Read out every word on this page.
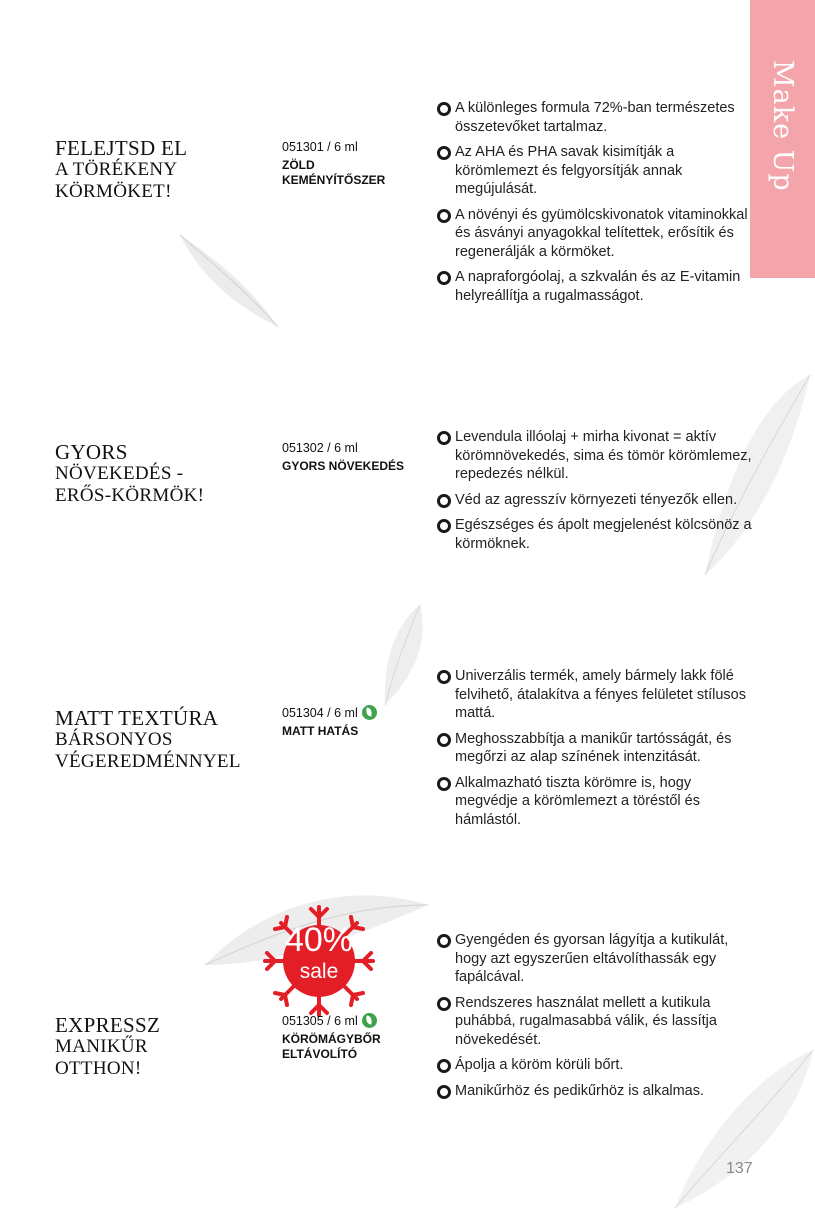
Make Up
FELEJTSD EL
A TÖRÉKENY
KÖRMÖKET!
051301 / 6 ml
ZÖLD
KEMÉNYÍTŐSZER
A különleges formula 72%-ban természetes összetevőket tartalmaz.
Az AHA és PHA savak kisimítják a körömlemezt és felgyorsítják annak megújulását.
A növényi és gyümölcskivonatok vitaminokkal és ásványi anyagokkal telítettek, erősítik és regenerálják a körmöket.
A napraforgóolaj, a szkvalán és az E-vitamin helyreállítja a rugalmasságot.
GYORS
NÖVEKEDÉS -
ERŐS-KÖRMÖK!
051302 / 6 ml
GYORS NÖVEKEDÉS
Levendula illóolaj + mirha kivonat = aktív körömnövekedés, sima és tömör körömlemez, repedezés nélkül.
Véd az agresszív környezeti tényezők ellen.
Egészséges és ápolt megjelenést kölcsönöz a körmöknek.
MATT TEXTÚRA
BÁRSONYOS
VÉGEREDMÉNNYEL
051304 / 6 ml
MATT HATÁS
Univerzális termék, amely bármely lakk fölé felvihető, átalakítva a fényes felületet stílusos mattá.
Meghosszabbítja a manikűr tartósságát, és megőrzi az alap színének intenzitását.
Alkalmazható tiszta körömre is, hogy megvédje a körömlemezt a töréstől és hámlástól.
40%
sale
EXPRESSZ
MANIKŰR
OTTHON!
051305 / 6 ml
KÖRÖMÁGYBŐR
ELTÁVOLÍTÓ
Gyengéden és gyorsan lágyítja a kutikulát, hogy azt egyszerűen eltávolíthassák egy fapálcával.
Rendszeres használat mellett a kutikula puhábbá, rugalmasabbá válik, és lassítja növekedését.
Ápolja a köröm körüli bőrt.
Manikűrhöz és pedikűrhöz is alkalmas.
137
